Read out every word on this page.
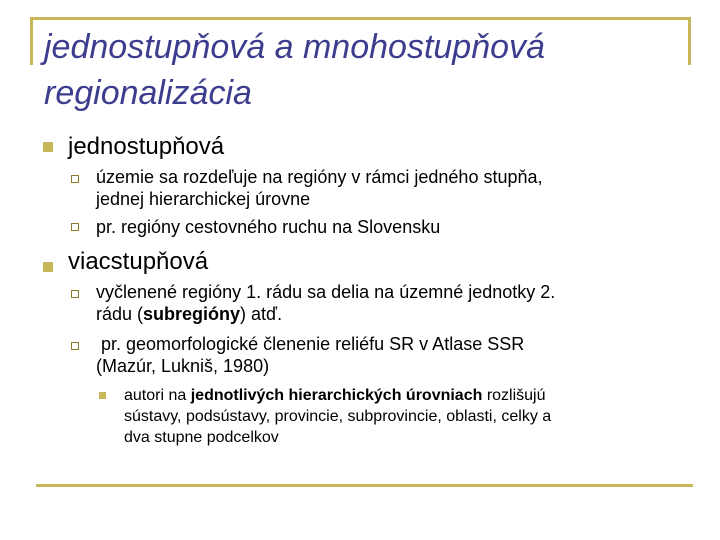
jednostupňová a mnohostupňová
regionalizácia
jednostupňová
územie sa rozdeľuje na regióny v rámci jedného stupňa,
jednej hierarchickej úrovne
pr. regióny cestovného ruchu na Slovensku
viacstupňová
vyčlenené regióny 1. rádu sa delia na územné jednotky 2.
rádu (subregióny) atď.
pr. geomorfologické členenie reliéfu SR v Atlase SSR
(Mazúr, Lukniš, 1980)
autori na jednotlivých hierarchických úrovniach rozlišujú
sústavy, podsústavy, provincie, subprovincie, oblasti, celky a
dva stupne podcelkov
